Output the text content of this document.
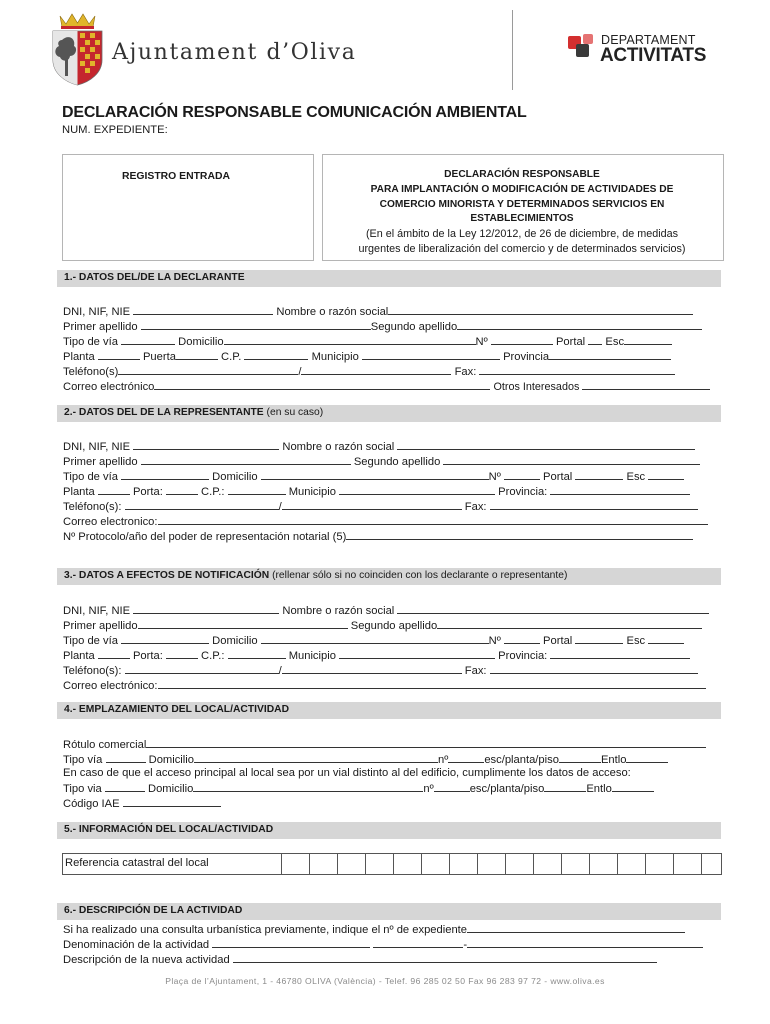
Ajuntament d’Oliva	DEPARTAMENT
ACTIVITATS
DECLARACIÓN RESPONSABLE COMUNICACIÓN AMBIENTAL
NUM. EXPEDIENTE:
REGISTRO ENTRADA	DECLARACIÓN RESPONSABLE
PARA IMPLANTACIÓN O MODIFICACIÓN DE ACTIVIDADES DE
COMERCIO MINORISTA Y DETERMINADOS SERVICIOS EN
ESTABLECIMIENTOS
(En el ámbito de la Ley 12/2012, de 26 de diciembre, de medidas
urgentes de liberalización del comercio y de determinados servicios)
1.- DATOS DEL/DE LA DECLARANTE
DNI, NIF, NIE	Nombre o razón social
Primer apellido	Segundo apellido
Tipo de vía	Domicilio	Nº	Portal Esc
Planta	Puerta	C.P.	Municipio	Provincia
Teléfono(s)	/	Fax:
Correo electrónico	Otros Interesados
2.- DATOS DEL DE LA REPRESENTANTE (en su caso)
DNI, NIF, NIE	Nombre o razón social
Primer apellido	Segundo apellido
Tipo de vía	Domicilio	Nº	Portal	Esc
Planta	Porta:	C.P.:	Municipio	Provincia:
Teléfono(s):	/	Fax:
Correo electronico:
Nº Protocolo/año del poder de representación notarial (5)
3.- DATOS A EFECTOS DE NOTIFICACIÓN (rellenar sólo si no coinciden con los declarante o representante)
DNI, NIF, NIE	Nombre o razón social
Primer apellido	Segundo apellido
Tipo de vía	Domicilio	Nº	Portal	Esc
Planta	Porta:	C.P.:	Municipio	Provincia:
Teléfono(s):	/	Fax:
Correo electrónico:
4.- EMPLAZAMIENTO DEL LOCAL/ACTIVIDAD
Rótulo comercial
Tipo vía	Domicilio	nº	esc/planta/piso	Entlo
En caso de que el acceso principal al local sea por un vial distinto al del edificio, cumplimente los datos de acceso:
Tipo via	Domicilio	nº	esc/planta/piso	Entlo
Código IAE
5.- INFORMACIÓN DEL LOCAL/ACTIVIDAD
Referencia catastral del local
6.- DESCRIPCIÓN DE LA ACTIVIDAD
Si ha realizado una consulta urbanística previamente, indique el nº de expediente
Denominación de la actividad	-
Descripción de la nueva actividad
Plaça de l’Ajuntament, 1 - 46780 OLIVA (València) - Telef. 96 285 02 50 Fax 96 283 97 72 - www.oliva.es
